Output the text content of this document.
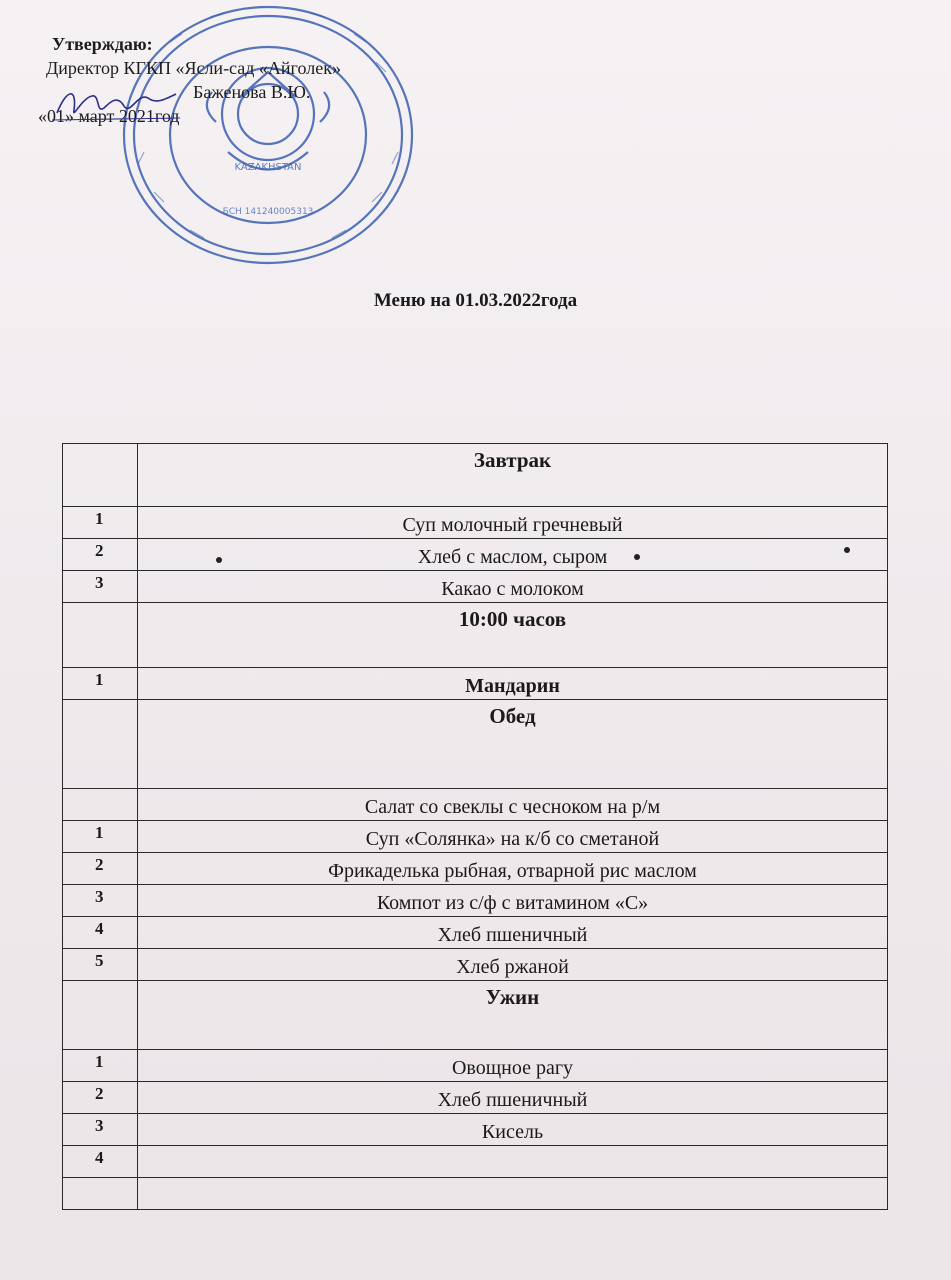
KAZAKHSTAN
БСН 141240005313
Утверждаю:
Директор КГКП «Ясли-сад «Айголек»
Баженова В.Ю.
«01» март 2021год
Меню на 01.03.2022года
	Завтрак
1	Суп молочный гречневый
2	Хлеб с маслом, сыром
3	Какао с молоком
	10:00 часов
1	Мандарин
	Обед
	Салат со свеклы с чесноком на р/м
1	Суп «Солянка» на к/б со сметаной
2	Фрикаделька рыбная, отварной рис маслом
3	Компот из с/ф с витамином «С»
4	Хлеб пшеничный
5	Хлеб ржаной
	Ужин
1	Овощное рагу
2	Хлеб пшеничный
3	Кисель
4	
